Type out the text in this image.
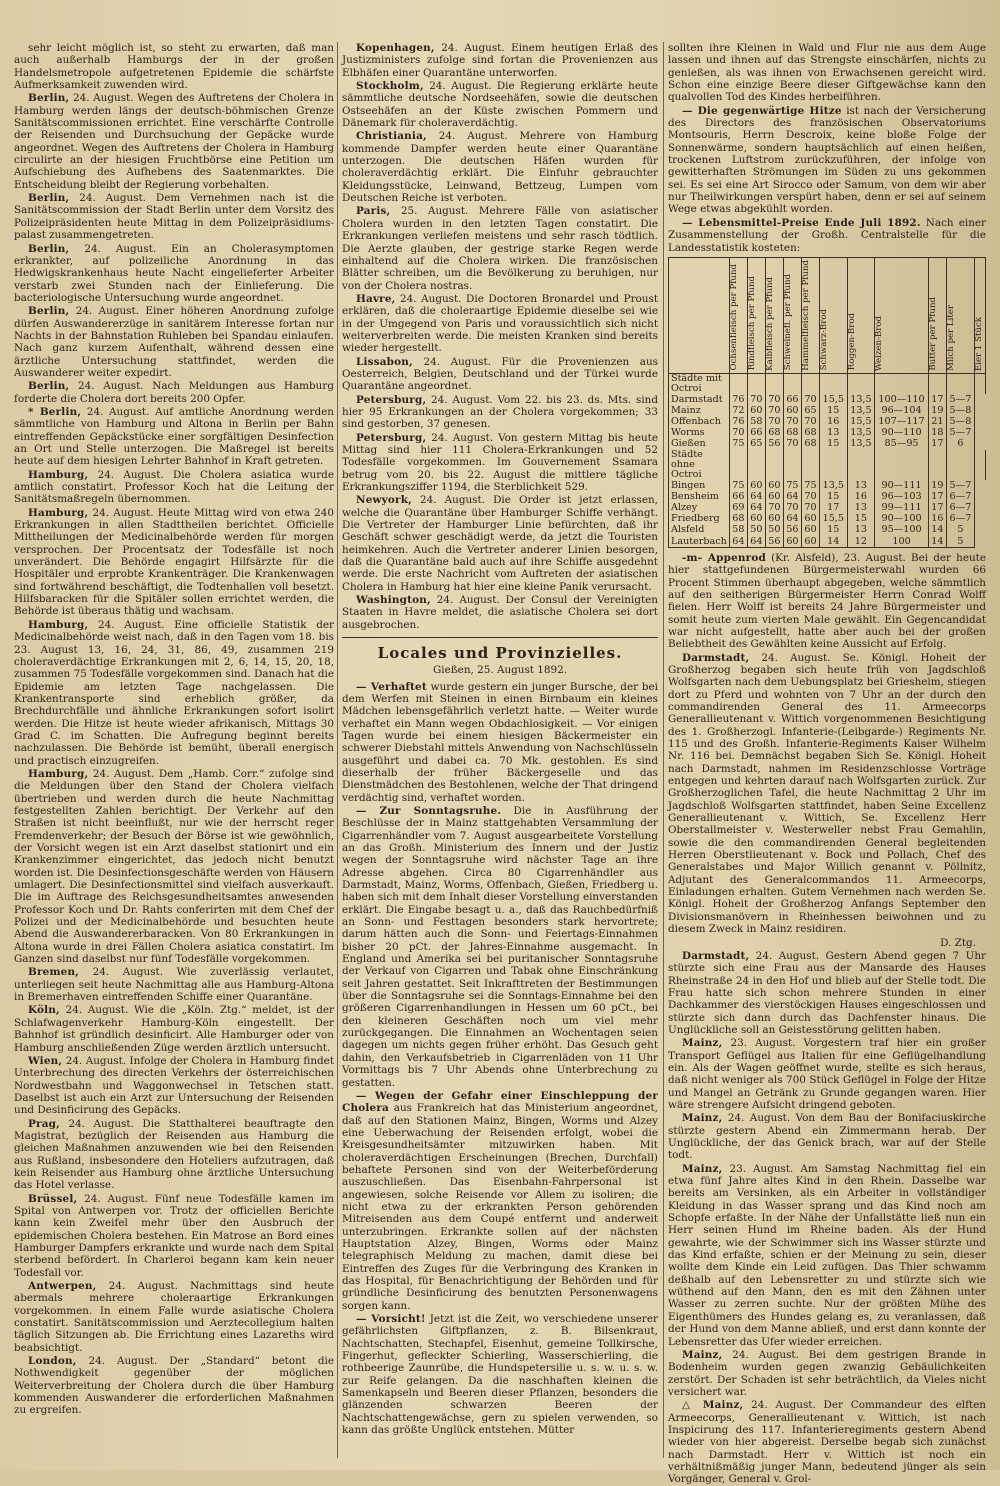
sehr leicht möglich ist, so steht zu erwarten, daß man auch außerhalb Hamburgs der in der großen Handelsmetropole aufgetretenen Epidemie die schärfste Aufmerksamkeit zuwenden wird.

Berlin, 24. August. Wegen des Auftretens der Cholera in Hamburg werden längs der deutsch-böhmischen Grenze Sanitätscommissionen errichtet. Eine verschärfte Controlle der Reisenden und Durchsuchung der Gepäcke wurde angeordnet. Wegen des Auftretens der Cholera in Hamburg circulirte an der hiesigen Fruchtbörse eine Petition um Aufschiebung des Aufhebens des Saatenmarktes. Die Entscheidung bleibt der Regierung vorbehalten.

Berlin, 24. August. Dem Vernehmen nach ist die Sanitätscommission der Stadt Berlin unter dem Vorsitz des Polizeipräsidenten heute Mittag in dem Polizeipräsidiums-palast zusammengetreten.

Berlin, 24. August. Ein an Cholerasymptomen erkrankter, auf polizeiliche Anordnung in das Hedwigskrankenhaus heute Nacht eingelieferter Arbeiter verstarb zwei Stunden nach der Einlieferung. Die bacteriologische Untersuchung wurde angeordnet.

Berlin, 24. August. Einer höheren Anordnung zufolge dürfen Auswandererzüge in sanitärem Interesse fortan nur Nachts in der Bahnstation Ruhleben bei Spandau einlaufen. Nach ganz kurzem Aufenthalt, während dessen eine ärztliche Untersuchung stattfindet, werden die Auswanderer weiter expedirt.

Berlin, 24. August. Nach Meldungen aus Hamburg forderte die Cholera dort bereits 200 Opfer.

* Berlin, 24. August. Auf amtliche Anordnung werden sämmtliche von Hamburg und Altona in Berlin per Bahn eintreffenden Gepäckstücke einer sorgfältigen Desinfection an Ort und Stelle unterzogen. Die Maßregel ist bereits heute auf dem hiesigen Lehrter Bahnhof in Kraft getreten.

Hamburg, 24. August. Die Cholera asiatica wurde amtlich constatirt. Professor Koch hat die Leitung der Sanitätsmaßregeln übernommen.

Hamburg, 24. August. Heute Mittag wird von etwa 240 Erkrankungen in allen Stadttheilen berichtet. Officielle Mittheilungen der Medicinalbehörde werden für morgen versprochen. Der Procentsatz der Todesfälle ist noch unverändert. Die Behörde engagirt Hilfsärzte für die Hospitäler und erprobte Krankenträger. Die Krankenwagen sind fortwährend beschäftigt, die Todtenhallen voll besetzt. Hilfsbaracken für die Spitäler sollen errichtet werden, die Behörde ist überaus thätig und wachsam.

Hamburg, 24. August. Eine officielle Statistik der Medicinalbehörde weist nach, daß in den Tagen vom 18. bis 23. August 13, 16, 24, 31, 86, 49, zusammen 219 choleraverdächtige Erkrankungen mit 2, 6, 14, 15, 20, 18, zusammen 75 Todesfälle vorgekommen sind. Danach hat die Epidemie am letzten Tage nachgelassen. Die Krankentransporte sind erheblich größer, da Brechdurchfälle und ähnliche Erkrankungen sofort isolirt werden. Die Hitze ist heute wieder afrikanisch, Mittags 30 Grad C. im Schatten. Die Aufregung beginnt bereits nachzulassen. Die Behörde ist bemüht, überall energisch und practisch einzugreifen.

Hamburg, 24. August. Dem „Hamb. Corr.“ zufolge sind die Meldungen über den Stand der Cholera vielfach übertrieben und werden durch die heute Nachmittag festgestellten Zahlen berichtigt. Der Verkehr auf den Straßen ist nicht beeinflußt, nur wie der herrscht reger Fremdenverkehr; der Besuch der Börse ist wie gewöhnlich, der Vorsicht wegen ist ein Arzt daselbst stationirt und ein Krankenzimmer eingerichtet, das jedoch nicht benutzt worden ist. Die Desinfectionsgeschäfte werden von Häusern umlagert. Die Desinfectionsmittel sind vielfach ausverkauft. Die im Auftrage des Reichsgesundheitsamtes anwesenden Professor Koch und Dr. Rahts conferirten mit dem Chef der Polizei und der Medicinalbehörde und besuchten heute Abend die Auswandererbaracken. Von 80 Erkrankungen in Altona wurde in drei Fällen Cholera asiatica constatirt. Im Ganzen sind daselbst nur fünf Todesfälle vorgekommen.

Bremen, 24. August. Wie zuverlässig verlautet, unterliegen seit heute Nachmittag alle aus Hamburg-Altona in Bremerhaven eintreffenden Schiffe einer Quarantäne.

Köln, 24. August. Wie die „Köln. Ztg.“ meldet, ist der Schlafwagenverkehr Hamburg-Köln eingestellt. Der Bahnhof ist gründlich desinficirt. Alle Hamburger oder von Hamburg anschließenden Züge werden ärztlich untersucht.

Wien, 24. August. Infolge der Cholera in Hamburg findet Unterbrechung des directen Verkehrs der österreichischen Nordwestbahn und Waggonwechsel in Tetschen statt. Daselbst ist auch ein Arzt zur Untersuchung der Reisenden und Desinficirung des Gepäcks.

Prag, 24. August. Die Statthalterei beauftragte den Magistrat, bezüglich der Reisenden aus Hamburg die gleichen Maßnahmen anzuwenden wie bei den Reisenden aus Rußland, insbesondere den Hoteliers aufzutragen, daß kein Reisender aus Hamburg ohne ärztliche Untersuchung das Hotel verlasse.

Brüssel, 24. August. Fünf neue Todesfälle kamen im Spital von Antwerpen vor. Trotz der officiellen Berichte kann kein Zweifel mehr über den Ausbruch der epidemischen Cholera bestehen. Ein Matrose an Bord eines Hamburger Dampfers erkrankte und wurde nach dem Spital sterbend befördert. In Charleroi begann kam kein neuer Todesfall vor.

Antwerpen, 24. August. Nachmittags sind heute abermals mehrere choleraartige Erkrankungen vorgekommen. In einem Falle wurde asiatische Cholera constatirt. Sanitätscommission und Aerztecollegium halten täglich Sitzungen ab. Die Errichtung eines Lazareths wird beabsichtigt.

London, 24. August. Der „Standard“ betont die Nothwendigkeit gegenüber der möglichen Weiterverbreitung der Cholera durch die über Hamburg kommenden Auswanderer die erforderlichen Maßnahmen zu ergreifen.

Kopenhagen, 24. August. Einem heutigen Erlaß des Justizministers zufolge sind fortan die Provenienzen aus Elbhäfen einer Quarantäne unterworfen.

Stockholm, 24. August. Die Regierung erklärte heute sämmtliche deutsche Nordseehäfen, sowie die deutschen Ostseehäfen an der Küste zwischen Pommern und Dänemark für choleraverdächtig.

Christiania, 24. August. Mehrere von Hamburg kommende Dampfer werden heute einer Quarantäne unterzogen. Die deutschen Häfen wurden für choleraverdächtig erklärt. Die Einfuhr gebrauchter Kleidungsstücke, Leinwand, Bettzeug, Lumpen vom Deutschen Reiche ist verboten.

Paris, 25. August. Mehrere Fälle von asiatischer Cholera wurden in den letzten Tagen constatirt. Die Erkrankungen verliefen meistens und sehr rasch tödtlich. Die Aerzte glauben, der gestrige starke Regen werde einhaltend auf die Cholera wirken. Die französischen Blätter schreiben, um die Bevölkerung zu beruhigen, nur von der Cholera nostras.

Havre, 24. August. Die Doctoren Bronardel und Proust erklären, daß die choleraartige Epidemie dieselbe sei wie in der Umgegend von Paris und voraussichtlich sich nicht weiterverbreiten werde. Die meisten Kranken sind bereits wieder hergestellt.

Lissabon, 24. August. Für die Provenienzen aus Oesterreich, Belgien, Deutschland und der Türkei wurde Quarantäne angeordnet.

Petersburg, 24. August. Vom 22. bis 23. ds. Mts. sind hier 95 Erkrankungen an der Cholera vorgekommen; 33 sind gestorben, 37 genesen.

Petersburg, 24. August. Von gestern Mittag bis heute Mittag sind hier 111 Cholera-Erkrankungen und 52 Todesfälle vorgekommen. Im Gouvernement Ssamara betrug vom 20. bis 22. August die mittlere tägliche Erkrankungsziffer 1194, die Sterblichkeit 529.

Newyork, 24. August. Die Order ist jetzt erlassen, welche die Quarantäne über Hamburger Schiffe verhängt. Die Vertreter der Hamburger Linie befürchten, daß ihr Geschäft schwer geschädigt werde, da jetzt die Touristen heimkehren. Auch die Vertreter anderer Linien besorgen, daß die Quarantäne bald auch auf ihre Schiffe ausgedehnt werde. Die erste Nachricht vom Auftreten der asiatischen Cholera in Hamburg hat hier eine kleine Panik verursacht.

Washington, 24. August. Der Consul der Vereinigten Staaten in Havre meldet, die asiatische Cholera sei dort ausgebrochen.

Locales und Provinzielles.
Gießen, 25. August 1892.

— Verhaftet wurde gestern ein junger Bursche, der bei dem Werfen mit Steinen in einen Birnbaum ein kleines Mädchen lebensgefährlich verletzt hatte. — Weiter wurde verhaftet ein Mann wegen Obdachlosigkeit. — Vor einigen Tagen wurde bei einem hiesigen Bäckermeister ein schwerer Diebstahl mittels Anwendung von Nachschlüsseln ausgeführt und dabei ca. 70 Mk. gestohlen. Es sind dieserhalb der früher Bäckergeselle und das Dienstmädchen des Bestohlenen, welche der That dringend verdächtig sind, verhaftet worden.

— Zur Sonntagsruhe. Die in Ausführung der Beschlüsse der in Mainz stattgehabten Versammlung der Cigarrenhändler vom 7. August ausgearbeitete Vorstellung an das Großh. Ministerium des Innern und der Justiz wegen der Sonntagsruhe wird nächster Tage an ihre Adresse abgehen. Circa 80 Cigarrenhändler aus Darmstadt, Mainz, Worms, Offenbach, Gießen, Friedberg u. haben sich mit dem Inhalt dieser Vorstellung einverstanden erklärt. Die Eingabe besagt u. a., daß das Rauchbedürfniß an Sonn- und Festtagen besonders stark hervortrete; darum hätten auch die Sonn- und Feiertags-Einnahmen bisher 20 pCt. der Jahres-Einnahme ausgemacht. In England und Amerika sei bei puritanischer Sonntagsruhe der Verkauf von Cigarren und Tabak ohne Einschränkung seit Jahren gestattet. Seit Inkrafttreten der Bestimmungen über die Sonntagsruhe sei die Sonntags-Einnahme bei den größeren Cigarrenhandlungen in Hessen um 60 pCt., bei den kleineren Geschäften noch um viel mehr zurückgegangen. Die Einnahmen an Wochentagen seien dagegen um nichts gegen früher erhöht. Das Gesuch geht dahin, den Verkaufsbetrieb in Cigarrenläden von 11 Uhr Vormittags bis 7 Uhr Abends ohne Unterbrechung zu gestatten.

— Wegen der Gefahr einer Einschleppung der Cholera aus Frankreich hat das Ministerium angeordnet, daß auf den Stationen Mainz, Bingen, Worms und Alzey eine Ueberwachung der Reisenden erfolgt, wobei die Kreisgesundheitsämter mitzuwirken haben. Mit choleraverdächtigen Erscheinungen (Brechen, Durchfall) behaftete Personen sind von der Weiterbeförderung auszuschließen. Das Eisenbahn-Fahrpersonal ist angewiesen, solche Reisende vor Allem zu isoliren; die nicht etwa zu der erkrankten Person gehörenden Mitreisenden aus dem Coupé entfernt und anderweit unterzubringen. Erkrankte sollen auf der nächsten Hauptstation Alzey, Bingen, Worms oder Mainz telegraphisch Meldung zu machen, damit diese bei Eintreffen des Zuges für die Verbringung des Kranken in das Hospital, für Benachrichtigung der Behörden und für gründliche Desinficirung des benutzten Personenwagens sorgen kann.

— Vorsicht! Jetzt ist die Zeit, wo verschiedene unserer gefährlichsten Giftpflanzen, z. B. Bilsenkraut, Nachtschatten, Stechapfel, Eisenhut, gemeine Tollkirsche, Fingerhut, gefleckter Schierling, Wasserschierling, die rothbeerige Zaunrübe, die Hundspetersilie u. s. w. u. s. w. zur Reife gelangen. Da die naschhaften kleinen die Samenkapseln und Beeren dieser Pflanzen, besonders die glänzenden schwarzen Beeren der Nachtschattengewächse, gern zu spielen verwenden, so kann das größte Unglück entstehen. Mütter

sollten ihre Kleinen in Wald und Flur nie aus dem Auge lassen und ihnen auf das Strengste einschärfen, nichts zu genießen, als was ihnen von Erwachsenen gereicht wird. Schon eine einzige Beere dieser Giftgewächse kann den qualvollen Tod des Kindes herbeiführen.

— Die gegenwärtige Hitze ist nach der Versicherung des Directors des französischen Observatoriums Montsouris, Herrn Descroix, keine bloße Folge der Sonnenwärme, sondern hauptsächlich auf einen heißen, trockenen Luftstrom zurückzuführen, der infolge von gewitterhaften Strömungen im Süden zu uns gekommen sei. Es sei eine Art Sirocco oder Samum, von dem wir aber nur Theilwirkungen verspürt haben, denn er sei auf seinem Wege etwas abgekühlt worden.

— Lebensmittel-Preise Ende Juli 1892. Nach einer Zusammenstellung der Großh. Centralstelle für die Landesstatistik kosteten:

	Ochsenfleisch per Pfund	Rindfleisch per Pfund	Kalbfleisch per Pfund	Schweinefl. per Pfund	Hammelfleisch per Pfund	Schwarz-Brod	Roggen-Brod	Weizen-Brod	Butter per Pfund	Milch per Liter	Eier 1 Stück

Städte mit Octroi											
Darmstadt	76	70	70	66	70	15,5	13,5	100—110	17	5—7	
Mainz	72	60	70	60	65	15	13,5	96—104	19	5—8	
Offenbach	76	58	70	70	70	16	15,5	107—117	21	5—8	
Worms	70	66	68	68	68	13	13,5	90—110	18	5—7	
Gießen	75	65	56	70	68	15	13,5	85—95	17	6	
Städte ohne Octroi											
Bingen	75	60	60	75	75	13,5	13	90—111	19	5—7	
Bensheim	66	64	60	64	70	15	16	96—103	17	6—7	
Alzey	69	64	70	70	70	17	13	99—111	17	6—7	
Friedberg	68	60	60	64	60	15,5	15	90—100	16	6—7	
Alsfeld	58	50	50	56	60	15	13	95—100	14	5	
Lauterbach	64	64	56	60	60	14	12	100	14	5	

-m- Appenrod (Kr. Alsfeld), 23. August. Bei der heute hier stattgefundenen Bürgermeisterwahl wurden 66 Procent Stimmen überhaupt abgegeben, welche sämmtlich auf den seitherigen Bürgermeister Herrn Conrad Wolff fielen. Herr Wolff ist bereits 24 Jahre Bürgermeister und somit heute zum vierten Male gewählt. Ein Gegencandidat war nicht aufgestellt, hatte aber auch bei der großen Beliebtheit des Gewählten keine Aussicht auf Erfolg.

Darmstadt, 24. August. Se. Königl. Hoheit der Großherzog begaben sich heute früh von Jagdschloß Wolfsgarten nach dem Uebungsplatz bei Griesheim, stiegen dort zu Pferd und wohnten von 7 Uhr an der durch den commandirenden General des 11. Armeecorps Generallieutenant v. Wittich vorgenommenen Besichtigung des 1. Großherzogl. Infanterie-(Leibgarde-) Regiments Nr. 115 und des Großh. Infanterie-Regiments Kaiser Wilhelm Nr. 116 bei. Demnächst begaben Sich Se. Königl. Hoheit nach Darmstadt, nahmen im Residenzschlosse Vorträge entgegen und kehrten darauf nach Wolfsgarten zurück. Zur Großherzoglichen Tafel, die heute Nachmittag 2 Uhr im Jagdschloß Wolfsgarten stattfindet, haben Seine Excellenz Generallieutenant v. Wittich, Se. Excellenz Herr Oberstallmeister v. Westerweller nebst Frau Gemahlin, sowie die den commandirenden General begleitenden Herren Oberstlieutenant v. Bock und Pollach, Chef des Generalstabes und Major Willich genannt v. Pöllnitz, Adjutant des Generalcommandos 11. Armeecorps, Einladungen erhalten. Gutem Vernehmen nach werden Se. Königl. Hoheit der Großherzog Anfangs September den Divisionsmanövern in Rheinhessen beiwohnen und zu diesem Zweck in Mainz residiren.

D. Ztg.

Darmstadt, 24. August. Gestern Abend gegen 7 Uhr stürzte sich eine Frau aus der Mansarde des Hauses Rheinstraße 24 in den Hof und blieb auf der Stelle todt. Die Frau hatte sich schon mehrere Stunden in einer Dachkammer des vierstöckigen Hauses eingeschlossen und stürzte sich dann durch das Dachfenster hinaus. Die Unglückliche soll an Geistesstörung gelitten haben.

Mainz, 23. August. Vorgestern traf hier ein großer Transport Geflügel aus Italien für eine Geflügelhandlung ein. Als der Wagen geöffnet wurde, stellte es sich heraus, daß nicht weniger als 700 Stück Geflügel in Folge der Hitze und Mangel an Getränk zu Grunde gegangen waren. Hier wäre strengere Aufsicht dringend geboten.

Mainz, 24. August. Von dem Bau der Bonifaciuskirche stürzte gestern Abend ein Zimmermann herab. Der Unglückliche, der das Genick brach, war auf der Stelle todt.

Mainz, 23. August. Am Samstag Nachmittag fiel ein etwa fünf Jahre altes Kind in den Rhein. Dasselbe war bereits am Versinken, als ein Arbeiter in vollständiger Kleidung in das Wasser sprang und das Kind noch am Schopfe erfaßte. In der Nähe der Unfallstätte ließ nun ein Herr seinen Hund im Rheine baden. Als der Hund gewahrte, wie der Schwimmer sich ins Wasser stürzte und das Kind erfaßte, schien er der Meinung zu sein, dieser wollte dem Kinde ein Leid zufügen. Das Thier schwamm deßhalb auf den Lebensretter zu und stürzte sich wie wüthend auf den Mann, den es mit den Zähnen unter Wasser zu zerren suchte. Nur der größten Mühe des Eigenthümers des Hundes gelang es, zu veranlassen, daß der Hund von dem Manne abließ, und erst dann konnte der Lebensretter das Ufer wieder erreichen.

Mainz, 24. August. Bei dem gestrigen Brande in Bodenheim wurden gegen zwanzig Gebäulichkeiten zerstört. Der Schaden ist sehr beträchtlich, da Vieles nicht versichert war.

△ Mainz, 24. August. Der Commandeur des elften Armeecorps, Generallieutenant v. Wittich, ist nach Inspicirung des 117. Infanterieregiments gestern Abend wieder von hier abgereist. Derselbe begab sich zunächst nach Darmstadt. Herr v. Wittich ist noch ein verhältnißmäßig junger Mann, bedeutend jünger als sein Vorgänger, General v. Grol-
